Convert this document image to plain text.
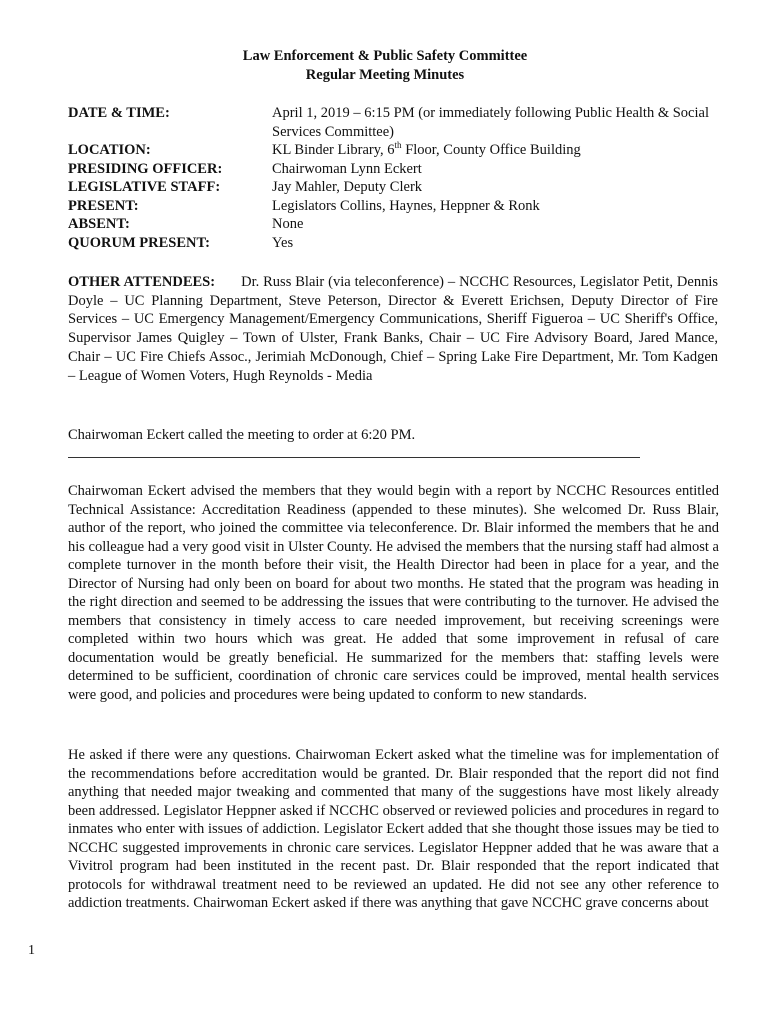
Law Enforcement & Public Safety Committee
Regular Meeting Minutes
DATE & TIME:	April 1, 2019 – 6:15 PM (or immediately following Public Health & Social Services Committee)
LOCATION:	KL Binder Library, 6th Floor, County Office Building
PRESIDING OFFICER:	Chairwoman Lynn Eckert
LEGISLATIVE STAFF:	Jay Mahler, Deputy Clerk
PRESENT:	Legislators Collins, Haynes, Heppner & Ronk
ABSENT:	None
QUORUM PRESENT:	Yes
OTHER ATTENDEES: Dr. Russ Blair (via teleconference) – NCCHC Resources, Legislator Petit, Dennis Doyle – UC Planning Department, Steve Peterson, Director & Everett Erichsen, Deputy Director of Fire Services – UC Emergency Management/Emergency Communications, Sheriff Figueroa – UC Sheriff's Office, Supervisor James Quigley – Town of Ulster, Frank Banks, Chair – UC Fire Advisory Board, Jared Mance, Chair – UC Fire Chiefs Assoc., Jerimiah McDonough, Chief – Spring Lake Fire Department, Mr. Tom Kadgen – League of Women Voters, Hugh Reynolds - Media
Chairwoman Eckert called the meeting to order at 6:20 PM.

Chairwoman Eckert advised the members that they would begin with a report by NCCHC Resources entitled Technical Assistance: Accreditation Readiness (appended to these minutes). She welcomed Dr. Russ Blair, author of the report, who joined the committee via teleconference. Dr. Blair informed the members that he and his colleague had a very good visit in Ulster County. He advised the members that the nursing staff had almost a complete turnover in the month before their visit, the Health Director had been in place for a year, and the Director of Nursing had only been on board for about two months. He stated that the program was heading in the right direction and seemed to be addressing the issues that were contributing to the turnover. He advised the members that consistency in timely access to care needed improvement, but receiving screenings were completed within two hours which was great. He added that some improvement in refusal of care documentation would be greatly beneficial. He summarized for the members that: staffing levels were determined to be sufficient, coordination of chronic care services could be improved, mental health services were good, and policies and procedures were being updated to conform to new standards.

He asked if there were any questions. Chairwoman Eckert asked what the timeline was for implementation of the recommendations before accreditation would be granted. Dr. Blair responded that the report did not find anything that needed major tweaking and commented that many of the suggestions have most likely already been addressed. Legislator Heppner asked if NCCHC observed or reviewed policies and procedures in regard to inmates who enter with issues of addiction. Legislator Eckert added that she thought those issues may be tied to NCCHC suggested improvements in chronic care services. Legislator Heppner added that he was aware that a Vivitrol program had been instituted in the recent past. Dr. Blair responded that the report indicated that protocols for withdrawal treatment need to be reviewed an updated. He did not see any other reference to addiction treatments. Chairwoman Eckert asked if there was anything that gave NCCHC grave concerns about

1
